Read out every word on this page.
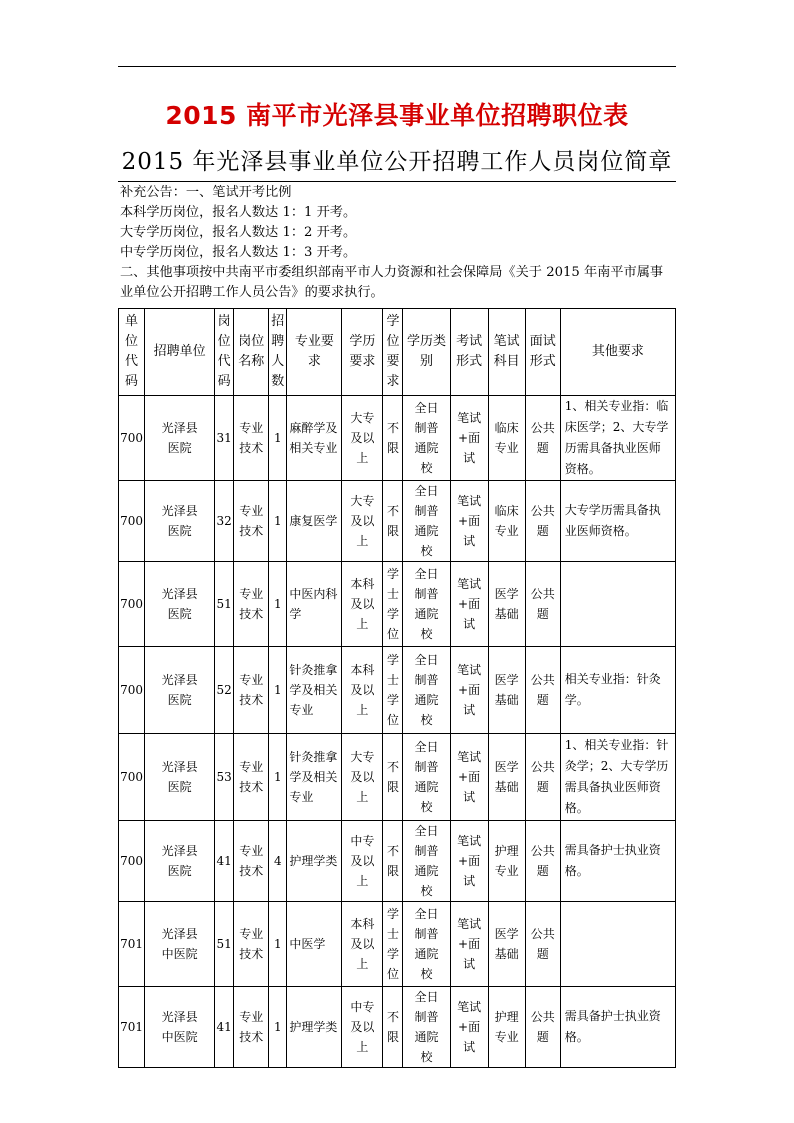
2015 南平市光泽县事业单位招聘职位表
2015 年光泽县事业单位公开招聘工作人员岗位简章
补充公告：一、笔试开考比例
本科学历岗位，报名人数达 1：1 开考。
大专学历岗位，报名人数达 1：2 开考。
中专学历岗位，报名人数达 1：3 开考。
二、其他事项按中共南平市委组织部南平市人力资源和社会保障局《关于 2015 年南平市属事业单位公开招聘工作人员公告》的要求执行。
单位代码	招聘单位	岗位代码	岗位名称	招聘人数	专业要求	学历要求	学位要求	学历类别	考试形式	笔试科目	面试形式	其他要求
700	光泽县医院	31	专业技术	1	麻醉学及相关专业	大专及以上	不限	全日制普通院校	笔试+面试	临床专业	公共题	1、相关专业指：临床医学；2、大专学历需具备执业医师资格。
700	光泽县医院	32	专业技术	1	康复医学	大专及以上	不限	全日制普通院校	笔试+面试	临床专业	公共题	大专学历需具备执业医师资格。
700	光泽县医院	51	专业技术	1	中医内科学	本科及以上	学士学位	全日制普通院校	笔试+面试	医学基础	公共题	
700	光泽县医院	52	专业技术	1	针灸推拿学及相关专业	本科及以上	学士学位	全日制普通院校	笔试+面试	医学基础	公共题	相关专业指：针灸学。
700	光泽县医院	53	专业技术	1	针灸推拿学及相关专业	大专及以上	不限	全日制普通院校	笔试+面试	医学基础	公共题	1、相关专业指：针灸学；2、大专学历需具备执业医师资格。
700	光泽县医院	41	专业技术	4	护理学类	中专及以上	不限	全日制普通院校	笔试+面试	护理专业	公共题	需具备护士执业资格。
701	光泽县中医院	51	专业技术	1	中医学	本科及以上	学士学位	全日制普通院校	笔试+面试	医学基础	公共题	
701	光泽县中医院	41	专业技术	1	护理学类	中专及以上	不限	全日制普通院校	笔试+面试	护理专业	公共题	需具备护士执业资格。
